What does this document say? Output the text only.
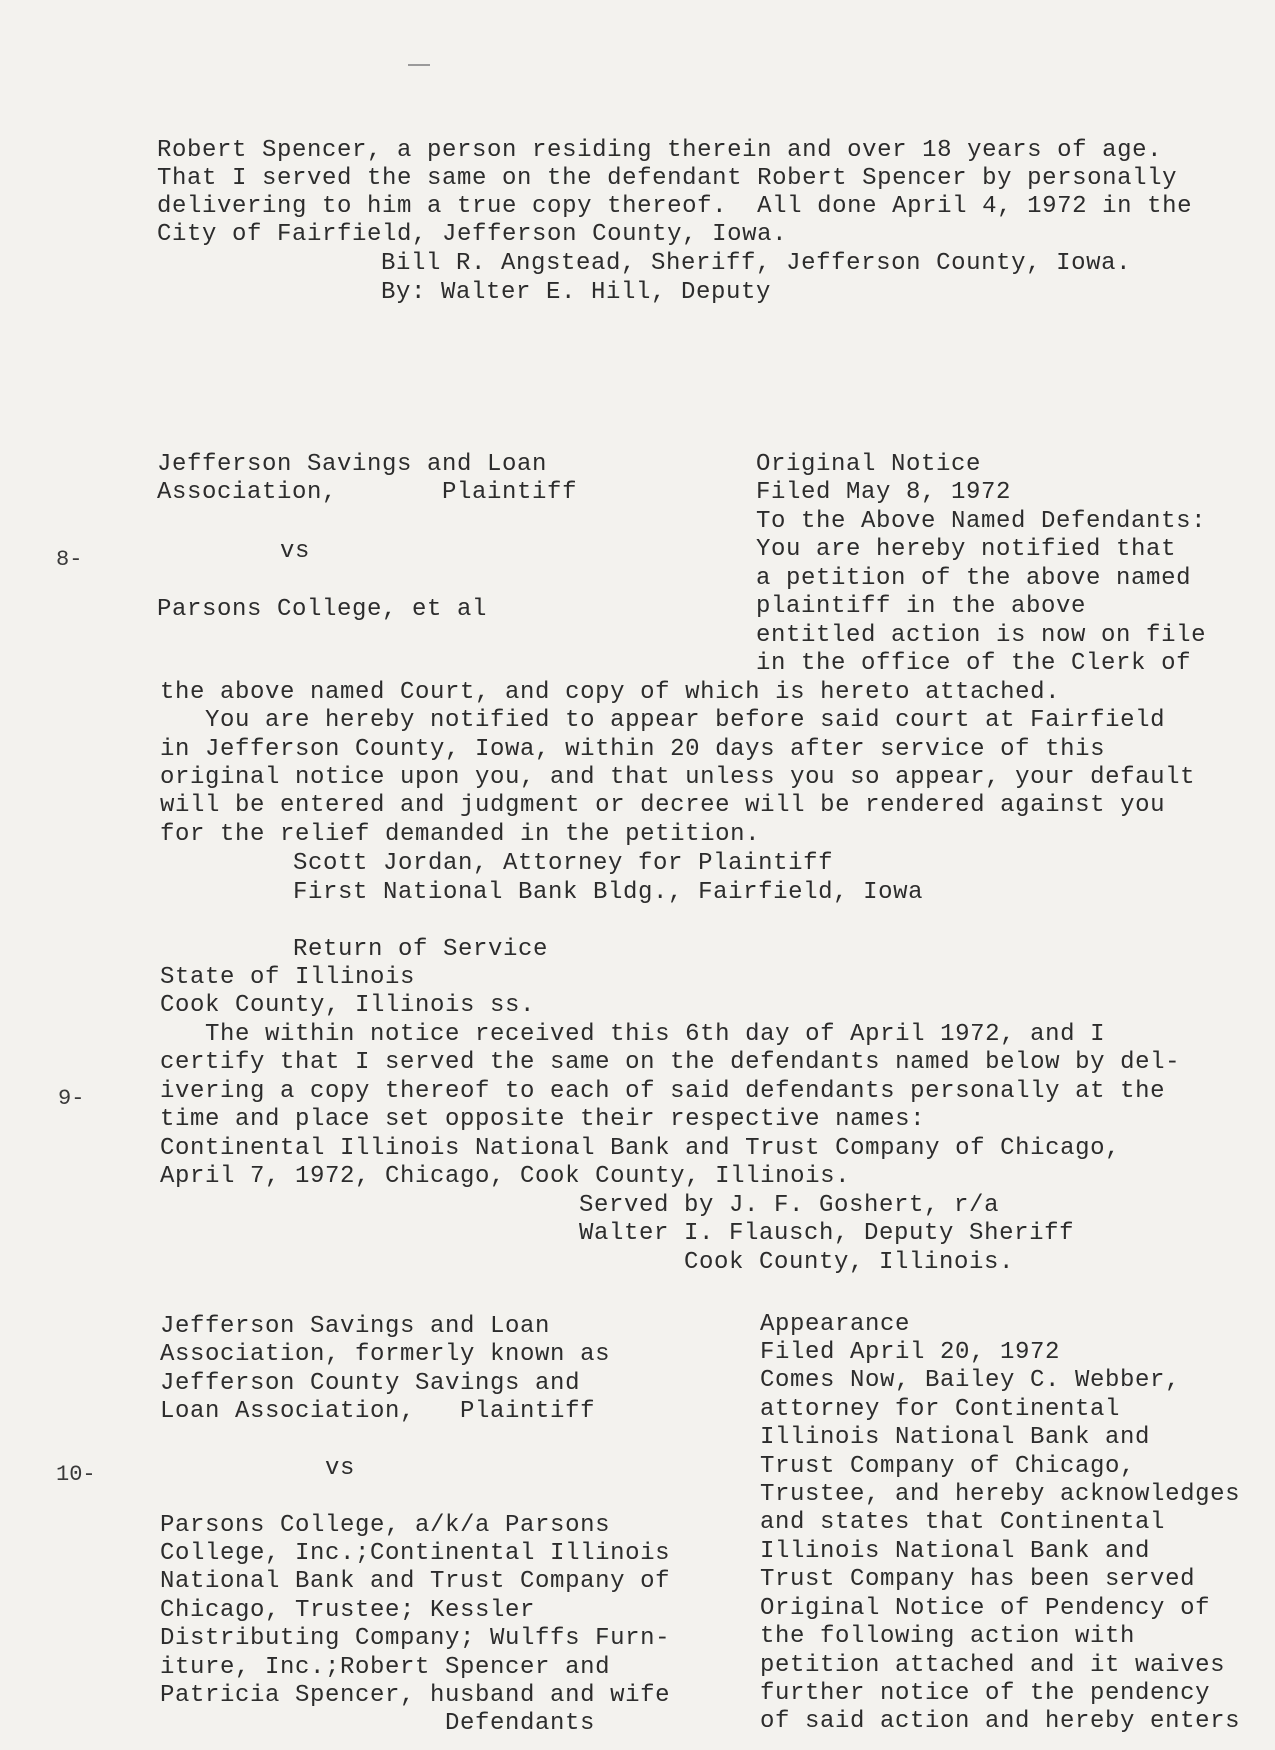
Robert Spencer, a person residing therein and over 18 years of age.
That I served the same on the defendant Robert Spencer by personally
delivering to him a true copy thereof.  All done April 4, 1972 in the
City of Fairfield, Jefferson County, Iowa.
Bill R. Angstead, Sheriff, Jefferson County, Iowa.
By: Walter E. Hill, Deputy
Jefferson Savings and Loan
Association,       Plaintiff
8-	vs
Parsons College, et al
Original Notice
Filed May 8, 1972
To the Above Named Defendants:
You are hereby notified that
a petition of the above named
plaintiff in the above
entitled action is now on file
in the office of the Clerk of
the above named Court, and copy of which is hereto attached.
You are hereby notified to appear before said court at Fairfield
in Jefferson County, Iowa, within 20 days after service of this
original notice upon you, and that unless you so appear, your default
will be entered and judgment or decree will be rendered against you
for the relief demanded in the petition.
Scott Jordan, Attorney for Plaintiff
First National Bank Bldg., Fairfield, Iowa
Return of Service
State of Illinois
Cook County, Illinois ss.
The within notice received this 6th day of April 1972, and I
certify that I served the same on the defendants named below by del-
9-	ivering a copy thereof to each of said defendants personally at the
time and place set opposite their respective names:
Continental Illinois National Bank and Trust Company of Chicago,
April 7, 1972, Chicago, Cook County, Illinois.
Served by J. F. Goshert, r/a
Walter I. Flausch, Deputy Sheriff
Cook County, Illinois.
Jefferson Savings and Loan
Association, formerly known as
Jefferson County Savings and
Loan Association,   Plaintiff
10-	vs
Parsons College, a/k/a Parsons
College, Inc.;Continental Illinois
National Bank and Trust Company of
Chicago, Trustee; Kessler
Distributing Company; Wulffs Furn-
iture, Inc.;Robert Spencer and
Patricia Spencer, husband and wife
Defendants
Appearance
Filed April 20, 1972
Comes Now, Bailey C. Webber,
attorney for Continental
Illinois National Bank and
Trust Company of Chicago,
Trustee, and hereby acknowledges
and states that Continental
Illinois National Bank and
Trust Company has been served
Original Notice of Pendency of
the following action with
petition attached and it waives
further notice of the pendency
of said action and hereby enters
